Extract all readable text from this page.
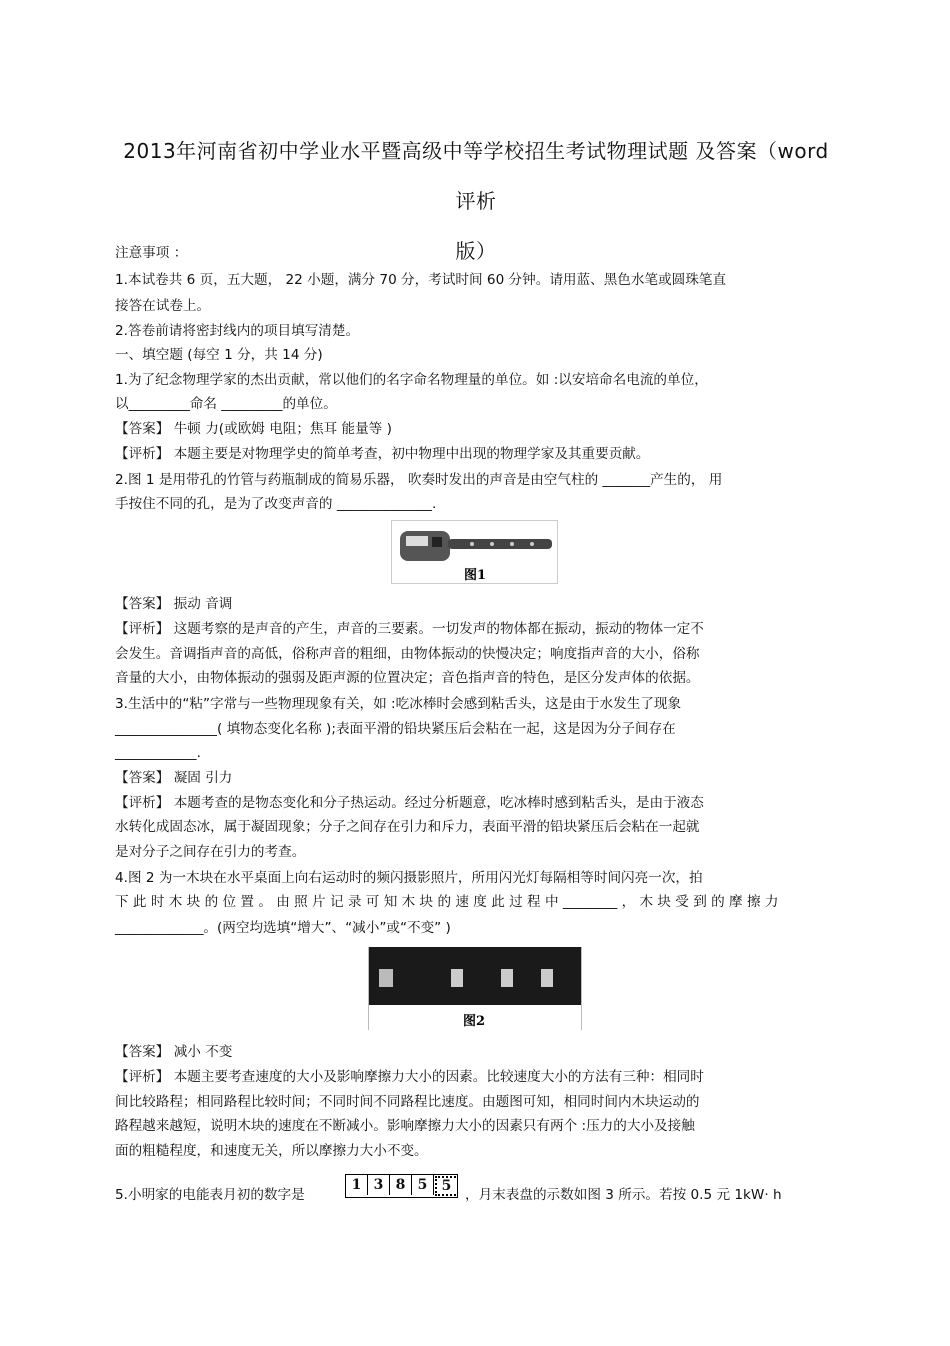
2013年河南省初中学业水平暨高级中等学校招生考试物理试题 及答案（word 评析
版）
注意事项 ：
1.本试卷共 6 页，五大题， 22 小题，满分 70 分，考试时间 60 分钟。请用蓝、黑色水笔或圆珠笔直
接答在试卷上。
2.答卷前请将密封线内的项目填写清楚。
一、填空题 (每空 1 分，共 14 分)
1.为了纪念物理学家的杰出贡献，常以他们的名字命名物理量的单位。如 :以安培命名电流的单位，
以_________命名 _________的单位。
【答案】 牛顿 力(或欧姆 电阻；焦耳 能量等 )
【评析】 本题主要是对物理学史的简单考查，初中物理中出现的物理学家及其重要贡献。
2.图 1 是用带孔的竹管与药瓶制成的简易乐器， 吹奏时发出的声音是由空气柱的 _______产生的， 用
手按住不同的孔，是为了改变声音的 ______________.
图1
【答案】 振动 音调
【评析】 这题考察的是声音的产生，声音的三要素。一切发声的物体都在振动，振动的物体一定不
会发生。音调指声音的高低，俗称声音的粗细，由物体振动的快慢决定；响度指声音的大小，俗称
音量的大小，由物体振动的强弱及距声源的位置决定；音色指声音的特色，是区分发声体的依据。
3.生活中的“粘”字常与一些物理现象有关，如 :吃冰棒时会感到粘舌头，这是由于水发生了现象
_______________( 填物态变化名称 );表面平滑的铅块紧压后会粘在一起，这是因为分子间存在
____________.
【答案】 凝固 引力
【评析】 本题考查的是物态变化和分子热运动。经过分析题意，吃冰棒时感到粘舌头，是由于液态
水转化成固态冰，属于凝固现象；分子之间存在引力和斥力，表面平滑的铅块紧压后会粘在一起就
是对分子之间存在引力的考查。
4.图 2 为一木块在水平桌面上向右运动时的频闪摄影照片，所用闪光灯每隔相等时间闪亮一次，拍
下 此 时 木 块 的 位 置 。 由 照 片 记 录 可 知 木 块 的 速 度 此 过 程 中 ________ ， 木 块 受 到 的 摩 擦 力
_____________。(两空均选填“增大”、“减小”或“不变” )
图2
【答案】 减小 不变
【评析】 本题主要考查速度的大小及影响摩擦力大小的因素。比较速度大小的方法有三种：相同时
间比较路程；相同路程比较时间；不同时间不同路程比速度。由题图可知，相同时间内木块运动的
路程越来越短，说明木块的速度在不断减小。影响摩擦力大小的因素只有两个 :压力的大小及接触
面的粗糙程度，和速度无关，所以摩擦力大小不变。
5.小明家的电能表月初的数字是
1 3 8 5	5
，月末表盘的示数如图 3 所示。若按 0.5 元 1kW· h
